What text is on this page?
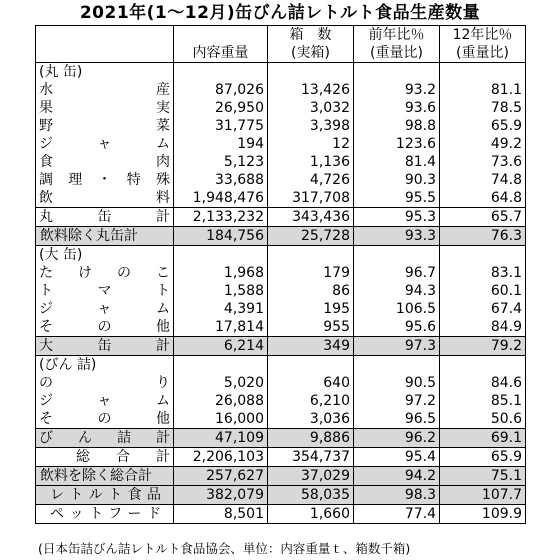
2021年(1～12月)缶びん詰レトルト食品生産数量
		箱　数	前年比％	12年比％
	内容重量	(実箱)	(重量比)	(重量比)
(丸 缶)				
水産	87,026	13,426	93.2	81.1
果実	26,950	3,032	93.6	78.5
野菜	31,775	3,398	98.8	65.9
ジャム	194	12	123.6	49.2
食肉	5,123	1,136	81.4	73.6
調理・特殊	33,688	4,726	90.3	74.8
飲料	1,948,476	317,708	95.5	64.8
丸缶計	2,133,232	343,436	95.3	65.7
飲料除く丸缶計	184,756	25,728	93.3	76.3
(大 缶)				
たけのこ	1,968	179	96.7	83.1
トマト	1,588	86	94.3	60.1
ジャム	4,391	195	106.5	67.4
その他	17,814	955	95.6	84.9
大缶計	6,214	349	97.3	79.2
(びん 詰)				
のり	5,020	640	90.5	84.6
ジャム	26,088	6,210	97.2	85.1
その他	16,000	3,036	96.5	50.6
びん詰計	47,109	9,886	96.2	69.1
総合計	2,206,103	354,737	95.4	65.9
飲料を除く総合計	257,627	37,029	94.2	75.1
レトルト食品	382,079	58,035	98.3	107.7
ペットフード	8,501	1,660	77.4	109.9
(日本缶詰びん詰レトルト食品協会、単位：内容重量ｔ、箱数千箱)
